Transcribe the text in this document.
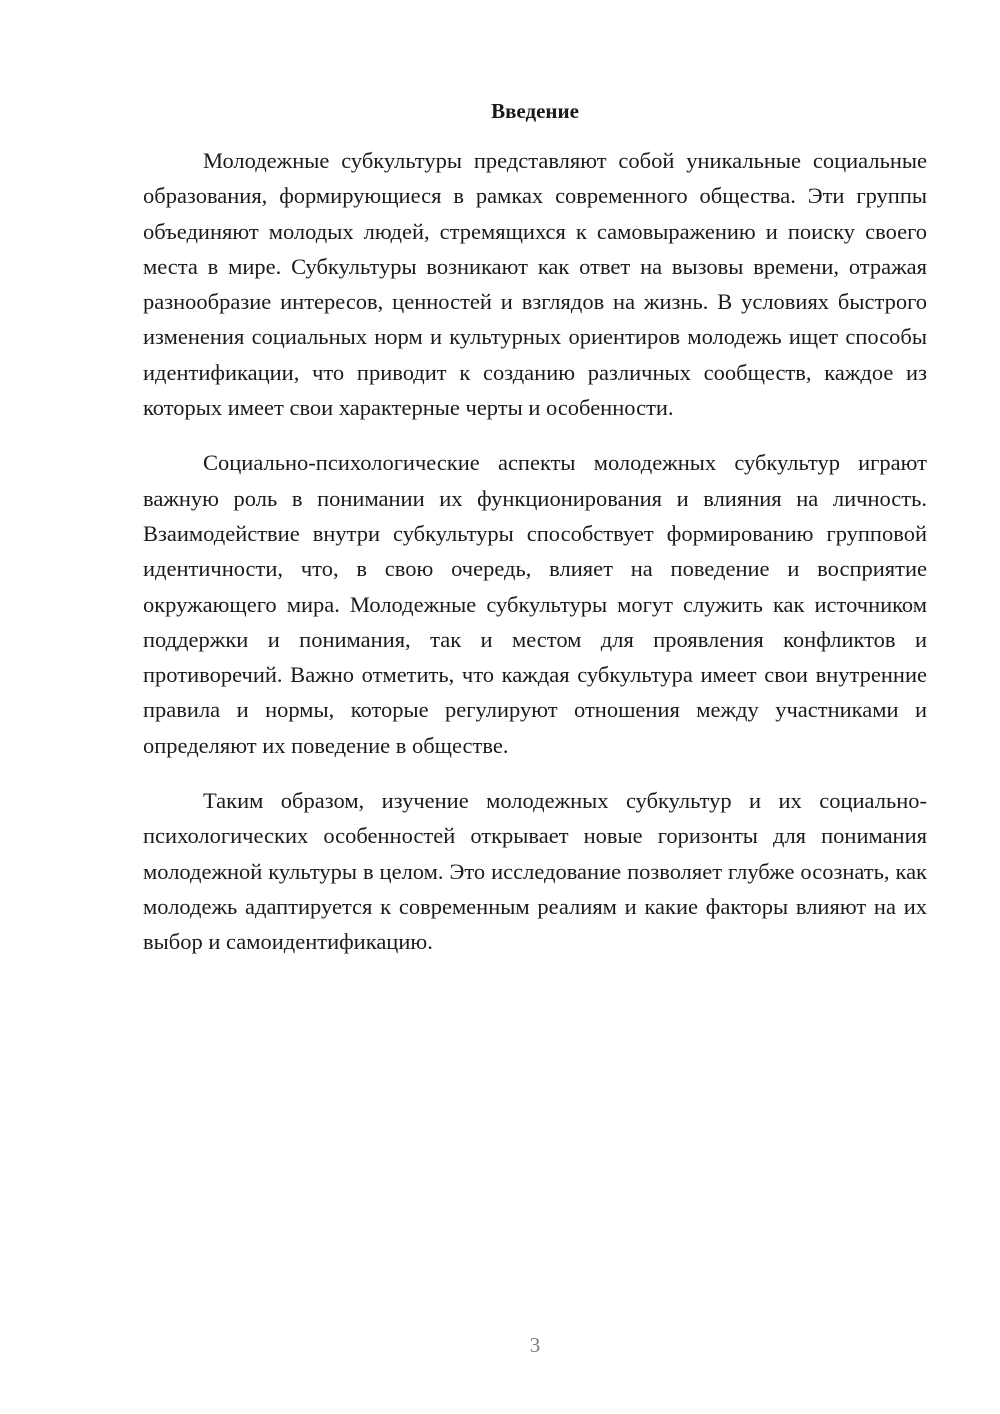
Введение

Молодежные субкультуры представляют собой уникальные социальные образования, формирующиеся в рамках современного общества. Эти группы объединяют молодых людей, стремящихся к самовыражению и поиску своего места в мире. Субкультуры возникают как ответ на вызовы времени, отражая разнообразие интересов, ценностей и взглядов на жизнь. В условиях быстрого изменения социальных норм и культурных ориентиров молодежь ищет способы идентификации, что приводит к созданию различных сообществ, каждое из которых имеет свои характерные черты и особенности.

Социально-психологические аспекты молодежных субкультур играют важную роль в понимании их функционирования и влияния на личность. Взаимодействие внутри субкультуры способствует формированию групповой идентичности, что, в свою очередь, влияет на поведение и восприятие окружающего мира. Молодежные субкультуры могут служить как источником поддержки и понимания, так и местом для проявления конфликтов и противоречий. Важно отметить, что каждая субкультура имеет свои внутренние правила и нормы, которые регулируют отношения между участниками и определяют их поведение в обществе.

Таким образом, изучение молодежных субкультур и их социально-психологических особенностей открывает новые горизонты для понимания молодежной культуры в целом. Это исследование позволяет глубже осознать, как молодежь адаптируется к современным реалиям и какие факторы влияют на их выбор и самоидентификацию.

3
